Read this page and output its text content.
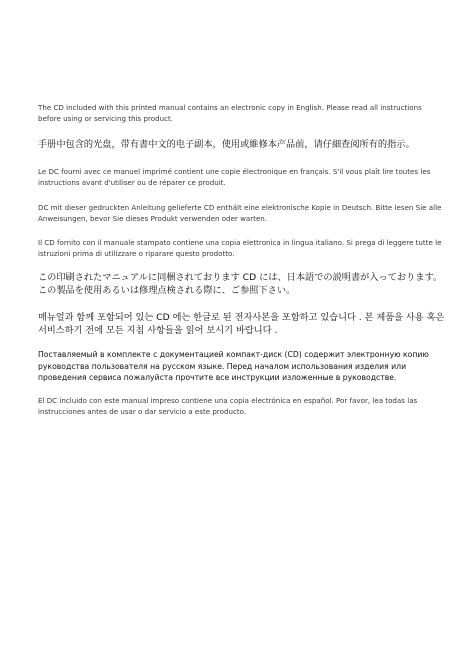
The CD included with this printed manual contains an electronic copy in English. Please read all instructions before using or servicing this product.

手册中包含的光盘，带有書中文的电子副本，使用或維修本产品前，请仔細查阅所有的指示。

Le DC fourni avec ce manuel imprimé contient une copie électronique en français. S'il vous plaît lire toutes les instructions avant d'utiliser ou de réparer ce produit.

DC mit dieser gedruckten Anleitung gelieferte CD enthält eine elektronische Kopie in Deutsch. Bitte lesen Sie alle Anweisungen, bevor Sie dieses Produkt verwenden oder warten.

Il CD fornito con il manuale stampato contiene una copia elettronica in lingua italiano. Si prega di leggere tutte le istruzioni prima di utilizzare o riparare questo prodotto.

この印刷されたマニュアルに同梱されております CD には、日本語での説明書が入っております。この製品を使用あるいは修理点検される際に、ご参照下さい。

매뉴얼과 함께 포함되어 있는 CD 에는 한글로 된 전자사본을 포함하고 있습니다 . 본 제품을 사용 혹은 서비스하기 전에 모든 지침 사항들을 읽어 보시기 바랍니다 .

Поставляемый в комплекте с документацией компакт-диск (CD) содержит электронную копию руководства пользователя на русском языке. Перед началом использования изделия или проведения сервиса пожалуйста прочтите все инструкции изложенные в руководстве.

El DC incluido con este manual impreso contiene una copia electrónica en español. Por favor, lea todas las instrucciones antes de usar o dar servicio a este producto.
